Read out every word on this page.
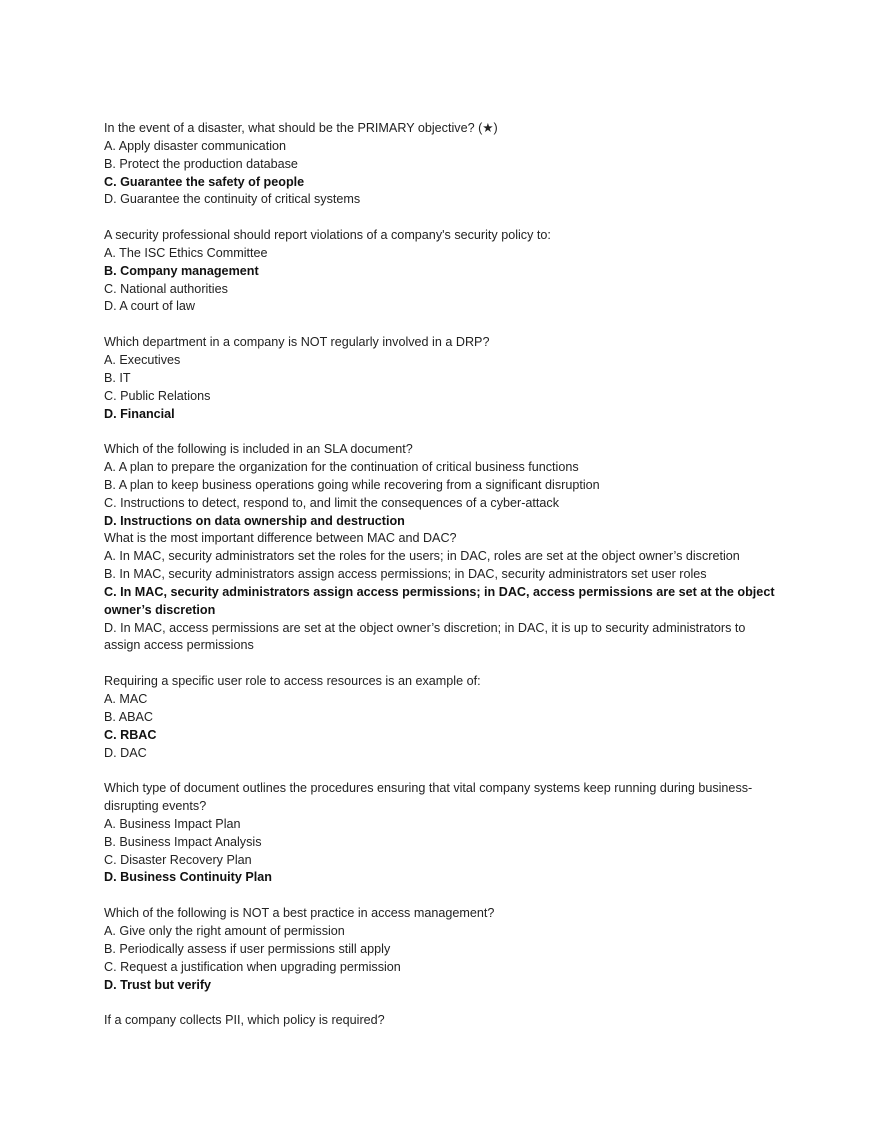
In the event of a disaster, what should be the PRIMARY objective? (★)

A. Apply disaster communication

B. Protect the production database

C. Guarantee the safety of people

D. Guarantee the continuity of critical systems

A security professional should report violations of a company's security policy to:

A. The ISC Ethics Committee

B. Company management

C. National authorities

D. A court of law

Which department in a company is NOT regularly involved in a DRP?

A. Executives

B. IT

C. Public Relations

D. Financial

Which of the following is included in an SLA document?

A. A plan to prepare the organization for the continuation of critical business functions

B. A plan to keep business operations going while recovering from a significant disruption

C. Instructions to detect, respond to, and limit the consequences of a cyber-attack

D. Instructions on data ownership and destruction

What is the most important difference between MAC and DAC?

A. In MAC, security administrators set the roles for the users; in DAC, roles are set at the object owner’s discretion

B. In MAC, security administrators assign access permissions; in DAC, security administrators set user roles

C. In MAC, security administrators assign access permissions; in DAC, access permissions are set at the object owner’s discretion

D. In MAC, access permissions are set at the object owner’s discretion; in DAC, it is up to security administrators to assign access permissions

Requiring a specific user role to access resources is an example of:

A. MAC

B. ABAC

C. RBAC

D. DAC

Which type of document outlines the procedures ensuring that vital company systems keep running during business-disrupting events?

A. Business Impact Plan

B. Business Impact Analysis

C. Disaster Recovery Plan

D. Business Continuity Plan

Which of the following is NOT a best practice in access management?

A. Give only the right amount of permission

B. Periodically assess if user permissions still apply

C. Request a justification when upgrading permission

D. Trust but verify

If a company collects PII, which policy is required?
